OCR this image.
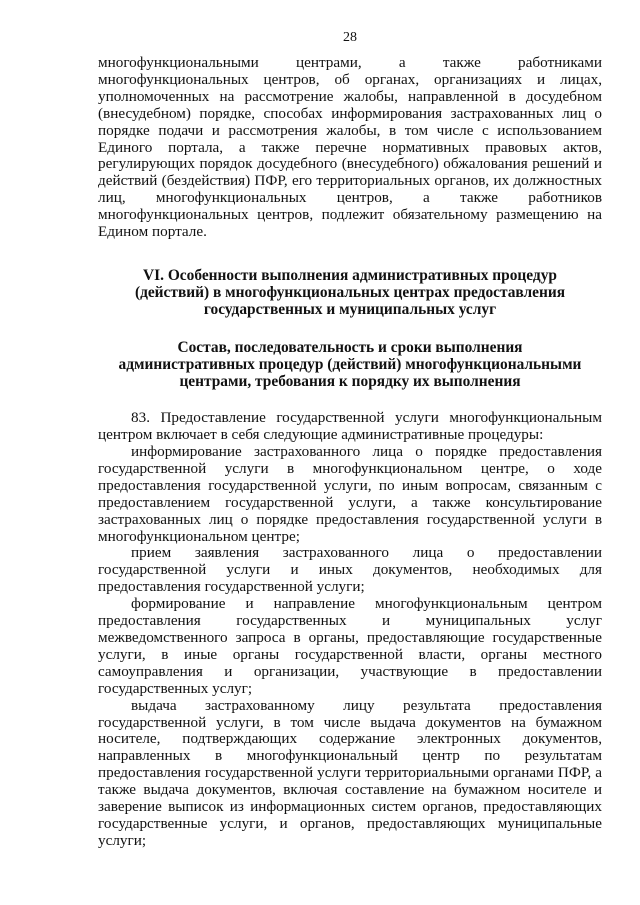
28

многофункциональными центрами, а также работниками многофункциональных центров, об органах, организациях и лицах, уполномоченных на рассмотрение жалобы, направленной в досудебном (внесудебном) порядке, способах информирования застрахованных лиц о порядке подачи и рассмотрения жалобы, в том числе с использованием Единого портала, а также перечне нормативных правовых актов, регулирующих порядок досудебного (внесудебного) обжалования решений и действий (бездействия) ПФР, его территориальных органов, их должностных лиц, многофункциональных центров, а также работников многофункциональных центров, подлежит обязательному размещению на Едином портале.

VI. Особенности выполнения административных процедур
(действий) в многофункциональных центрах предоставления
государственных и муниципальных услуг
Состав, последовательность и сроки выполнения
административных процедур (действий) многофункциональными
центрами, требования к порядку их выполнения

83. Предоставление государственной услуги многофункциональным центром включает в себя следующие административные процедуры:

информирование застрахованного лица о порядке предоставления государственной услуги в многофункциональном центре, о ходе предоставления государственной услуги, по иным вопросам, связанным с предоставлением государственной услуги, а также консультирование застрахованных лиц о порядке предоставления государственной услуги в многофункциональном центре;

прием заявления застрахованного лица о предоставлении государственной услуги и иных документов, необходимых для предоставления государственной услуги;

формирование и направление многофункциональным центром предоставления государственных и муниципальных услуг межведомственного запроса в органы, предоставляющие государственные услуги, в иные органы государственной власти, органы местного самоуправления и организации, участвующие в предоставлении государственных услуг;

выдача застрахованному лицу результата предоставления государственной услуги, в том числе выдача документов на бумажном носителе, подтверждающих содержание электронных документов, направленных в многофункциональный центр по результатам предоставления государственной услуги территориальными органами ПФР, а также выдача документов, включая составление на бумажном носителе и заверение выписок из информационных систем органов, предоставляющих государственные услуги, и органов, предоставляющих муниципальные услуги;
